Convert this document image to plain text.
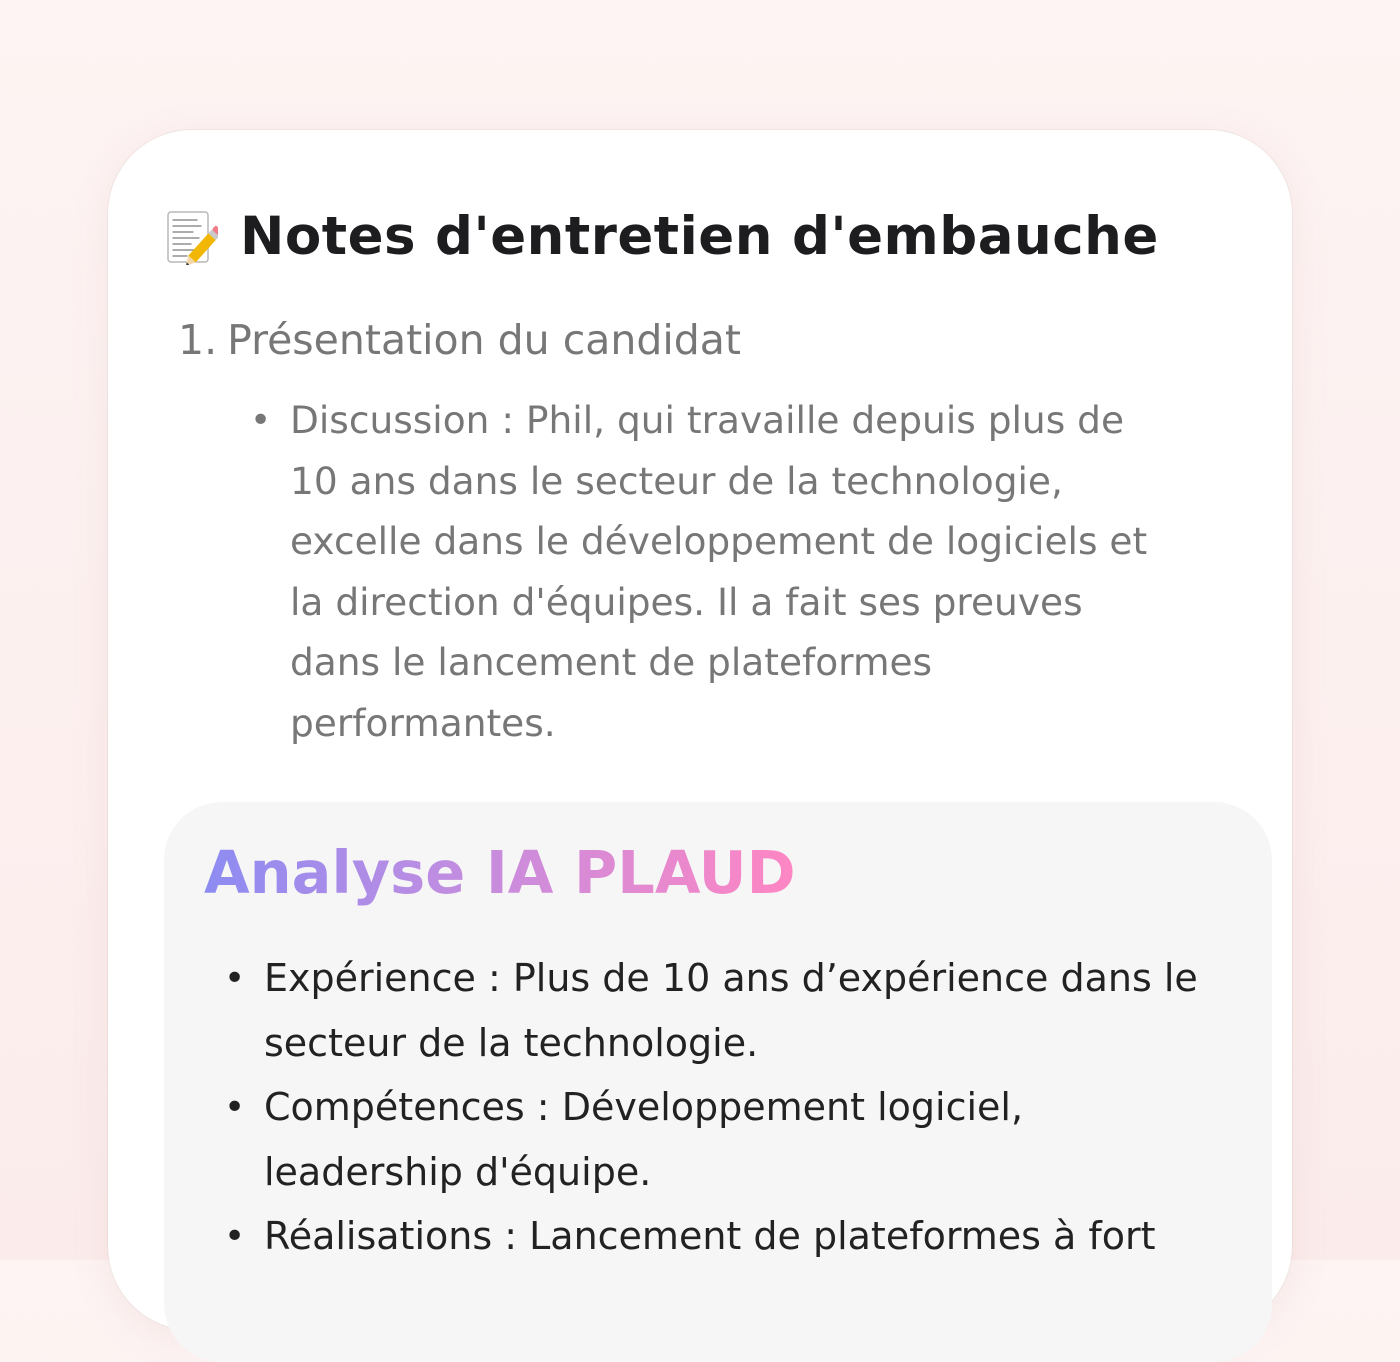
Notes d'entretien d'embauche
1. Présentation du candidat
• Discussion : Phil, qui travaille depuis plus de 10 ans dans le secteur de la technologie, excelle dans le développement de logiciels et la direction d'équipes. Il a fait ses preuves dans le lancement de plateformes performantes.
Analyse IA PLAUD
• Expérience : Plus de 10 ans d’expérience dans le secteur de la technologie.
• Compétences : Développement logiciel, leadership d'équipe.
• Réalisations : Lancement de plateformes à fort
